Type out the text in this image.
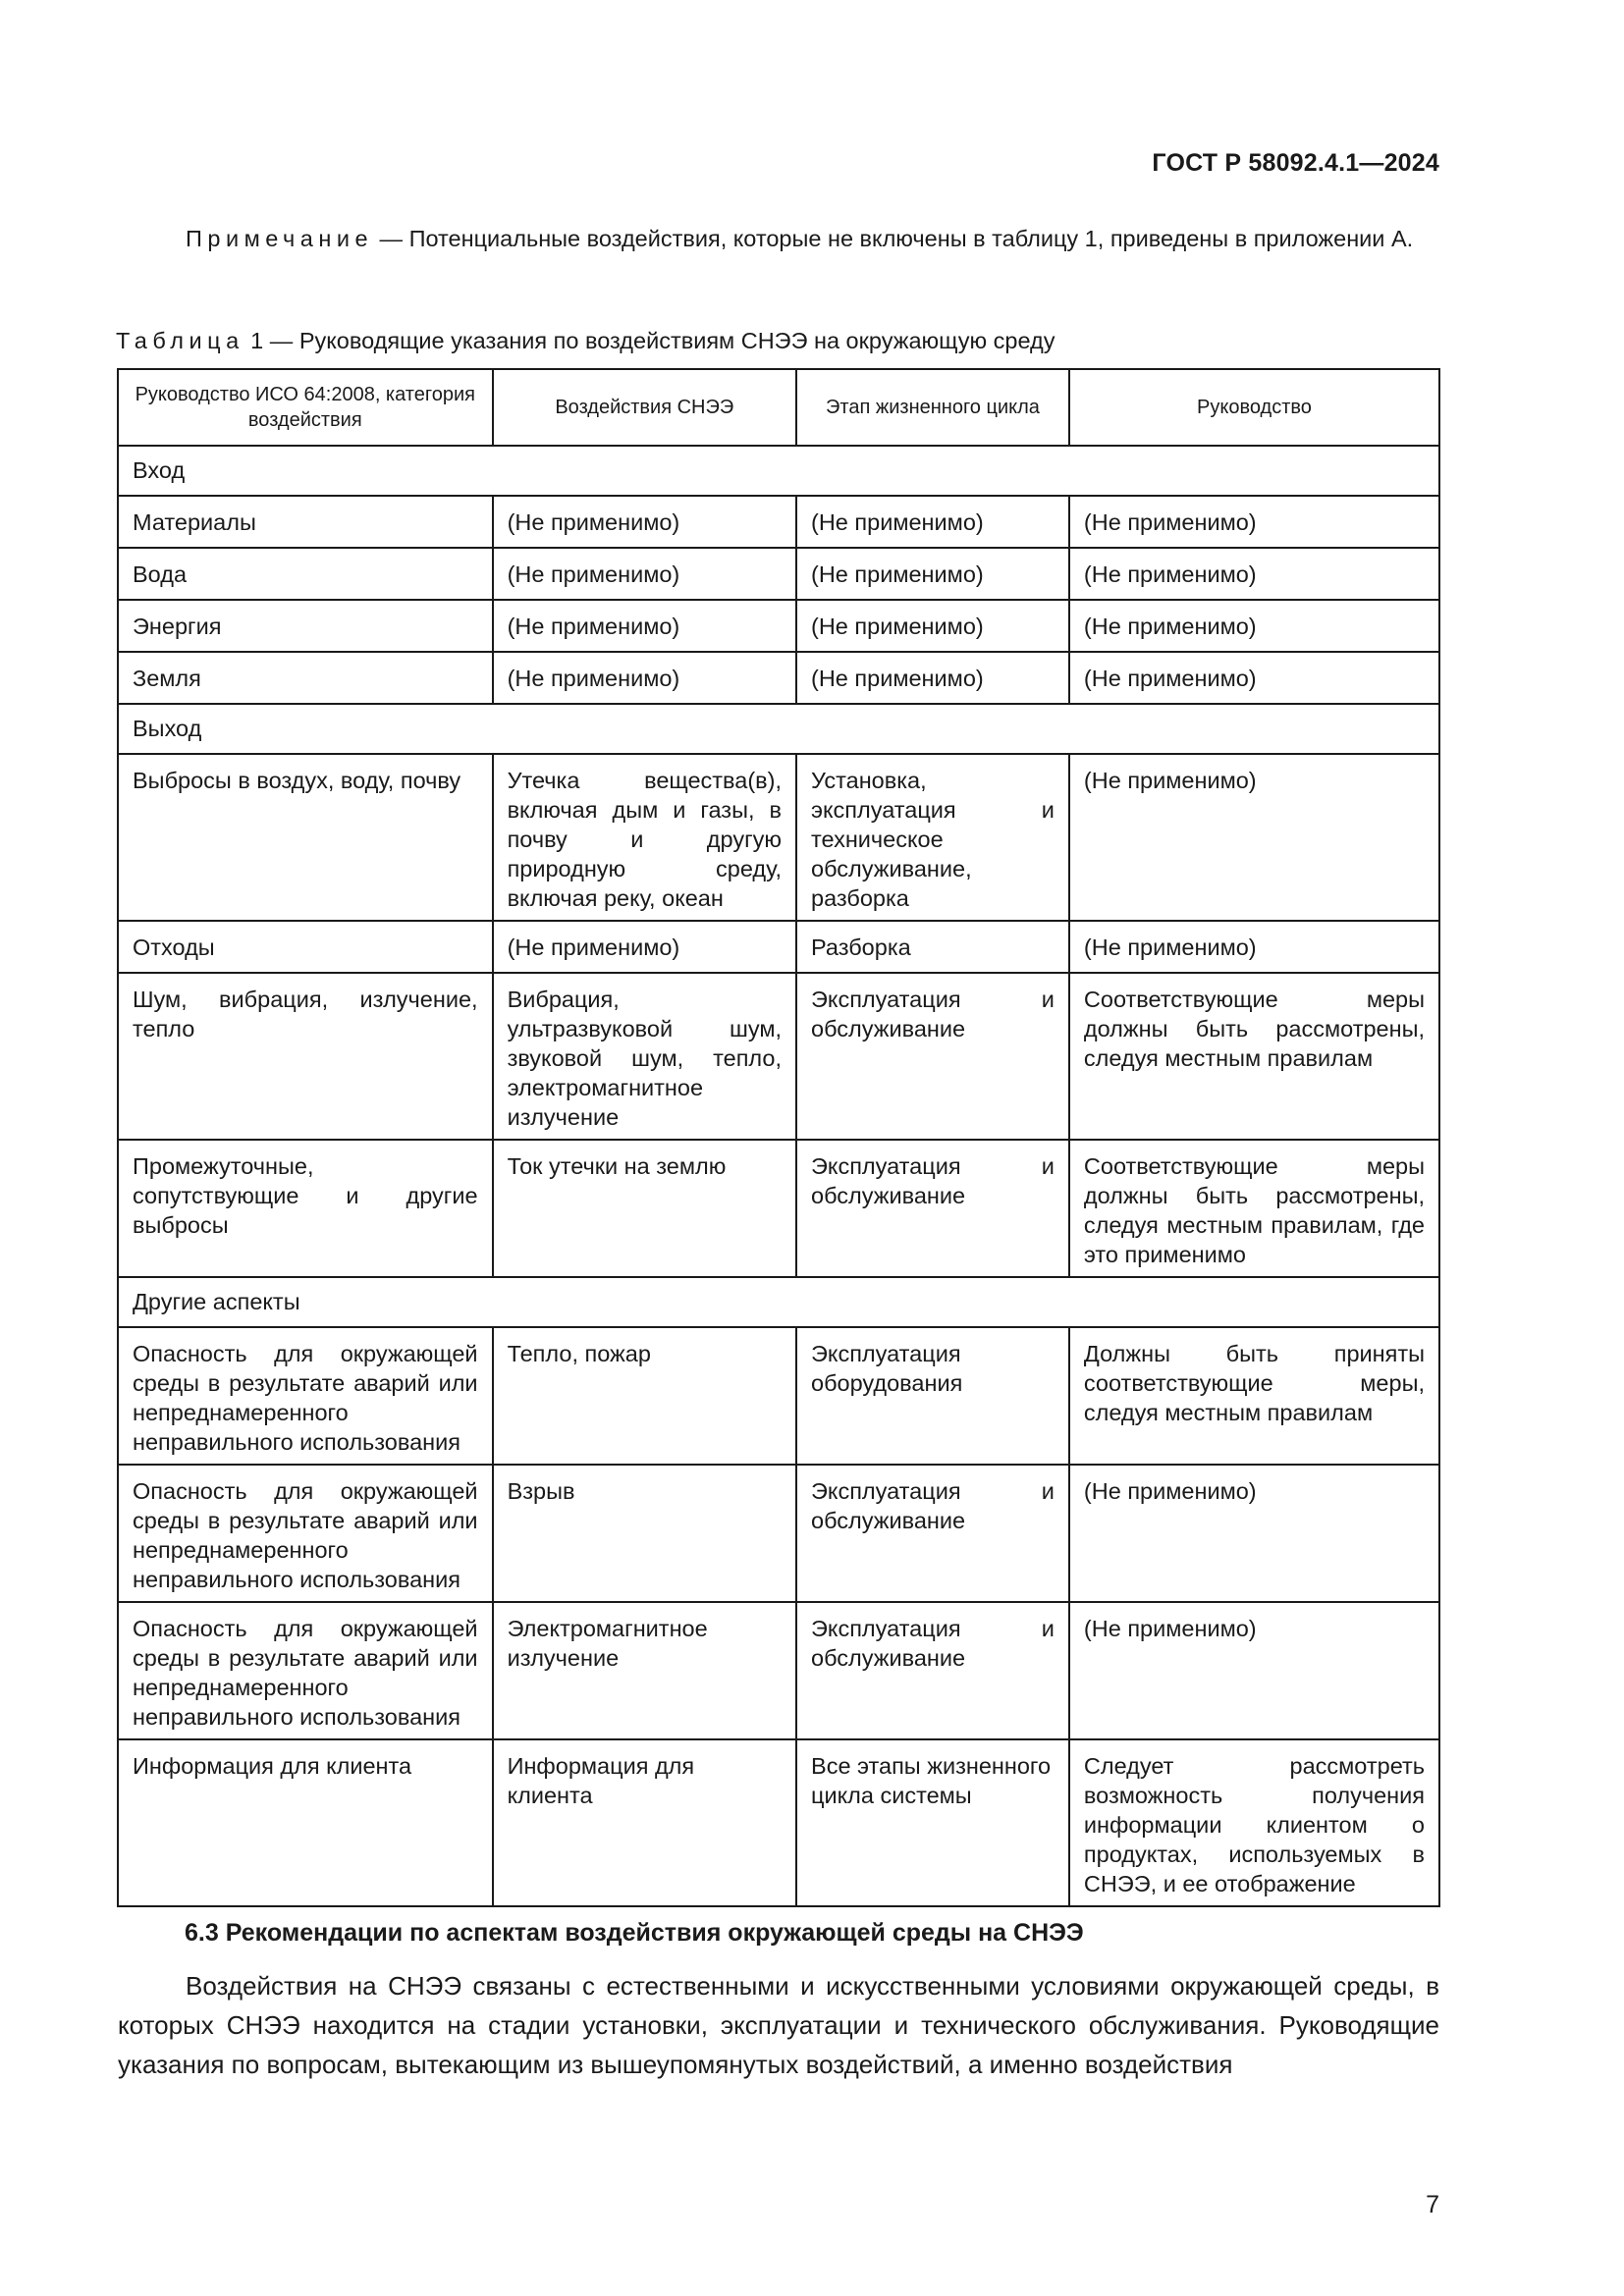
ГОСТ Р 58092.4.1—2024

Примечание — Потенциальные воздействия, которые не включены в таблицу 1, приведены в приложении А.

Таблица 1 — Руководящие указания по воздействиям СНЭЭ на окружающую среду

Руководство ИСО 64:2008, категория воздействия	Воздействия СНЭЭ	Этап жизненного цикла	Руководство
Вход			
Материалы	(Не применимо)	(Не применимо)	(Не применимо)
Вода	(Не применимо)	(Не применимо)	(Не применимо)
Энергия	(Не применимо)	(Не применимо)	(Не применимо)
Земля	(Не применимо)	(Не применимо)	(Не применимо)
Выход			
Выбросы в воздух, воду, почву	Утечка вещества(в), включая дым и газы, в почву и другую природную среду, включая реку, океан	Установка, эксплуатация и техническое обслуживание, разборка	(Не применимо)
Отходы	(Не применимо)	Разборка	(Не применимо)
Шум, вибрация, излучение, тепло	Вибрация, ультразвуковой шум, звуковой шум, тепло, электромагнитное излучение	Эксплуатация и обслуживание	Соответствующие меры должны быть рассмотрены, следуя местным правилам
Промежуточные, сопутствующие и другие выбросы	Ток утечки на землю	Эксплуатация и обслуживание	Соответствующие меры должны быть рассмотрены, следуя местным правилам, где это применимо
Другие аспекты			
Опасность для окружающей среды в результате аварий или непреднамеренного неправильного использования	Тепло, пожар	Эксплуатация оборудования	Должны быть приняты соответствующие меры, следуя местным правилам
Опасность для окружающей среды в результате аварий или непреднамеренного неправильного использования	Взрыв	Эксплуатация и обслуживание	(Не применимо)
Опасность для окружающей среды в результате аварий или непреднамеренного неправильного использования	Электромагнитное излучение	Эксплуатация и обслуживание	(Не применимо)
Информация для клиента	Информация для клиента	Все этапы жизненного цикла системы	Следует рассмотреть возможность получения информации клиентом о продуктах, используемых в СНЭЭ, и ее отображение
6.3 Рекомендации по аспектам воздействия окружающей среды на СНЭЭ

Воздействия на СНЭЭ связаны с естественными и искусственными условиями окружающей среды, в которых СНЭЭ находится на стадии установки, эксплуатации и технического обслуживания. Руководящие указания по вопросам, вытекающим из вышеупомянутых воздействий, а именно воздействия

7
